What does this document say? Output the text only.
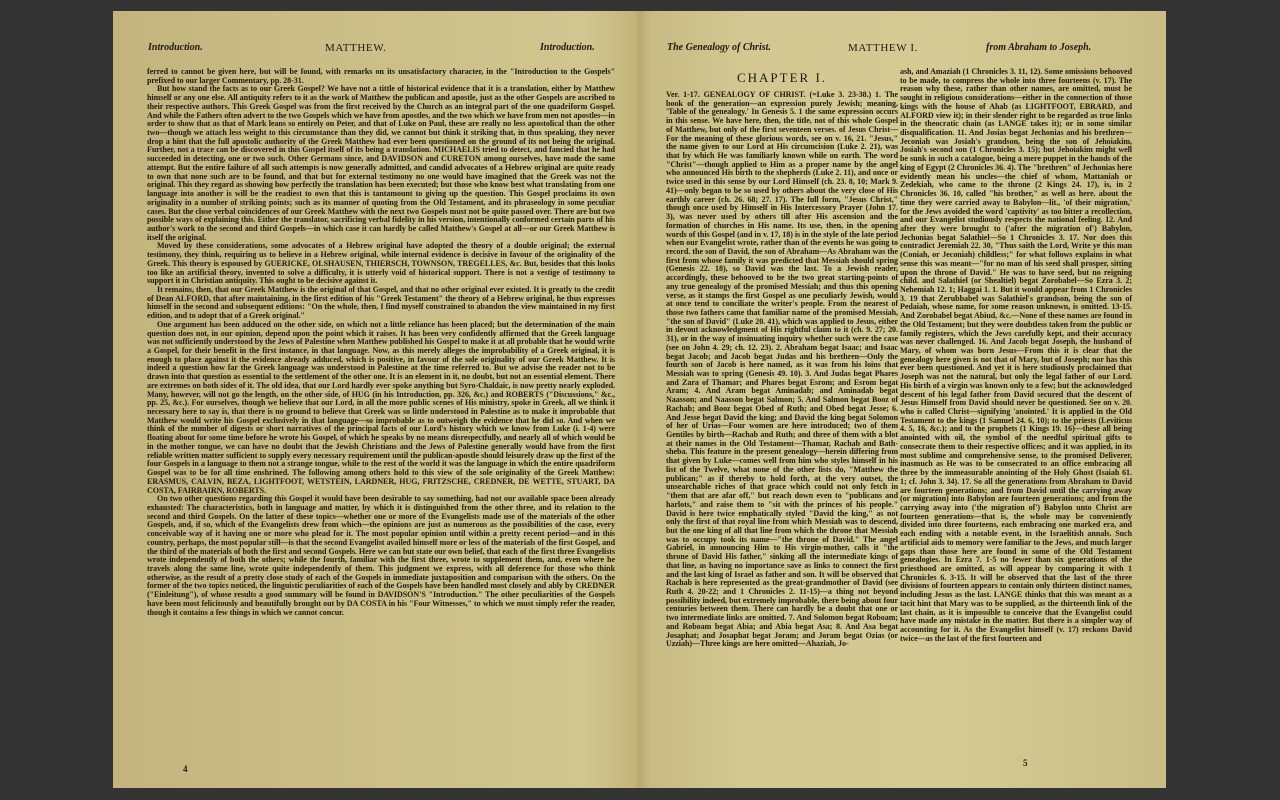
Introduction.	MATTHEW.	Introduction.

ferred to cannot be given here, but will be found, with remarks on its unsatisfactory character, in the "Introduction to the Gospels" prefixed to our larger Commentary, pp. 28-31.

But how stand the facts as to our Greek Gospel? We have not a tittle of historical evidence that it is a translation, either by Matthew himself or any one else. All antiquity refers to it as the work of Matthew the publican and apostle, just as the other Gospels are ascribed to their respective authors. This Greek Gospel was from the first received by the Church as an integral part of the one quadriform Gospel. And while the Fathers often advert to the two Gospels which we have from apostles, and the two which we have from men not apostles—in order to show that as that of Mark leans so entirely on Peter, and that of Luke on Paul, these are really no less apostolical than the other two—though we attach less weight to this circumstance than they did, we cannot but think it striking that, in thus speaking, they never drop a hint that the full apostolic authority of the Greek Matthew had ever been questioned on the ground of its not being the original. Further, not a trace can be discovered in this Gospel itself of its being a translation. MICHAELIS tried to detect, and fancied that he had succeeded in detecting, one or two such. Other Germans since, and DAVIDSON and CURETON among ourselves, have made the same attempt. But the entire failure of all such attempts is now generally admitted, and candid advocates of a Hebrew original are quite ready to own that none such are to be found, and that but for external testimony no one would have imagined that the Greek was not the original. This they regard as showing how perfectly the translation has been executed; but those who know best what translating from one language into another is will be the readiest to own that this is tantamount to giving up the question. This Gospel proclaims its own originality in a number of striking points; such as its manner of quoting from the Old Testament, and its phraseology in some peculiar cases. But the close verbal coincidences of our Greek Matthew with the next two Gospels must not be quite passed over. There are but two possible ways of explaining this. Either the translator, sacrificing verbal fidelity in his version, intentionally conformed certain parts of his author's work to the second and third Gospels—in which case it can hardly be called Matthew's Gospel at all—or our Greek Matthew is itself the original.

Moved by these considerations, some advocates of a Hebrew original have adopted the theory of a double original; the external testimony, they think, requiring us to believe in a Hebrew original, while internal evidence is decisive in favour of the originality of the Greek. This theory is espoused by GUERICKE, OLSHAUSEN, THIERSCH, TOWNSON, TREGELLES, &c. But, besides that this looks too like an artificial theory, invented to solve a difficulty, it is utterly void of historical support. There is not a vestige of testimony to support it in Christian antiquity. This ought to be decisive against it.

It remains, then, that our Greek Matthew is the original of that Gospel, and that no other original ever existed. It is greatly to the credit of Dean ALFORD, that after maintaining, in the first edition of his "Greek Testament" the theory of a Hebrew original, he thus expresses himself in the second and subsequent editions: "On the whole, then, I find myself constrained to abandon the view maintained in my first edition, and to adopt that of a Greek original."

One argument has been adduced on the other side, on which not a little reliance has been placed; but the determination of the main question does not, in our opinion, depend upon the point which it raises. It has been very confidently affirmed that the Greek language was not sufficiently understood by the Jews of Palestine when Matthew published his Gospel to make it at all probable that he would write a Gospel, for their benefit in the first instance, in that language. Now, as this merely alleges the improbability of a Greek original, it is enough to place against it the evidence already adduced, which is positive, in favour of the sole originality of our Greek Matthew. It is indeed a question how far the Greek language was understood in Palestine at the time referred to. But we advise the reader not to be drawn into that question as essential to the settlement of the other one. It is an element in it, no doubt, but not an essential element. There are extremes on both sides of it. The old idea, that our Lord hardly ever spoke anything but Syro-Chaldaic, is now pretty nearly exploded. Many, however, will not go the length, on the other side, of HUG (in his Introduction, pp. 326, &c.) and ROBERTS ("Discussions," &c., pp. 25, &c.). For ourselves, though we believe that our Lord, in all the more public scenes of His ministry, spoke in Greek, all we think it necessary here to say is, that there is no ground to believe that Greek was so little understood in Palestine as to make it improbable that Matthew would write his Gospel exclusively in that language—so improbable as to outweigh the evidence that he did so. And when we think of the number of digests or short narratives of the principal facts of our Lord's history which we know from Luke (i. 1-4) were floating about for some time before he wrote his Gospel, of which he speaks by no means disrespectfully, and nearly all of which would be in the mother tongue, we can have no doubt that the Jewish Christians and the Jews of Palestine generally would have from the first reliable written matter sufficient to supply every necessary requirement until the publican-apostle should leisurely draw up the first of the four Gospels in a language to them not a strange tongue, while to the rest of the world it was the language in which the entire quadriform Gospel was to be for all time enshrined. The following among others hold to this view of the sole originality of the Greek Matthew: ERASMUS, CALVIN, BEZA, LIGHTFOOT, WETSTEIN, LARDNER, HUG, FRITZSCHE, CREDNER, DE WETTE, STUART, DA COSTA, FAIRBAIRN, ROBERTS.

On two other questions regarding this Gospel it would have been desirable to say something, had not our available space been already exhausted: The characteristics, both in language and matter, by which it is distinguished from the other three, and its relation to the second and third Gospels. On the latter of these topics—whether one or more of the Evangelists made use of the materials of the other Gospels, and, if so, which of the Evangelists drew from which—the opinions are just as numerous as the possibilities of the case, every conceivable way of it having one or more who plead for it. The most popular opinion until within a pretty recent period—and in this country, perhaps, the most popular still—is that the second Evangelist availed himself more or less of the materials of the first Gospel, and the third of the materials of both the first and second Gospels. Here we can but state our own belief, that each of the first three Evangelists wrote independently of both the others; while the fourth, familiar with the first three, wrote to supplement them, and, even where he travels along the same line, wrote quite independently of them. This judgment we express, with all deference for those who think otherwise, as the result of a pretty close study of each of the Gospels in immediate juxtaposition and comparison with the others. On the former of the two topics noticed, the linguistic peculiarities of each of the Gospels have been handled most closely and ably by CREDNER ("Einleitung"), of whose results a good summary will be found in DAVIDSON'S "Introduction." The other peculiarities of the Gospels have been most felicitously and beautifully brought out by DA COSTA in his "Four Witnesses," to which we must simply refer the reader, though it contains a few things in which we cannot concur.

4
The Genealogy of Christ.	MATTHEW I.	from Abraham to Joseph.
CHAPTER I.

Ver. 1-17. GENEALOGY OF CHRIST. (=Luke 3. 23-38.) 1. The book of the generation—an expression purely Jewish; meaning, 'Table of the genealogy.' In Genesis 5. 1 the same expression occurs in this sense. We have here, then, the title, not of this whole Gospel of Matthew, but only of the first seventeen verses. of Jesus Christ—For the meaning of these glorious words, see on v. 16, 21. "Jesus," the name given to our Lord at His circumcision (Luke 2. 21), was that by which He was familiarly known while on earth. The word "Christ"—though applied to Him as a proper name by the angel who announced His birth to the shepherds (Luke 2. 11), and once or twice used in this sense by our Lord Himself (ch. 23. 8, 10; Mark 9. 41)—only began to be so used by others about the very close of His earthly career (ch. 26. 68; 27. 17). The full form, "Jesus Christ," though once used by Himself in His Intercessory Prayer (John 17. 3), was never used by others till after His ascension and the formation of churches in His name. Its use, then, in the opening words of this Gospel (and in v. 17, 18) is in the style of the late period when our Evangelist wrote, rather than of the events he was going to record. the son of David, the son of Abraham—As Abraham was the first from whose family it was predicted that Messiah should spring (Genesis 22. 18), so David was the last. To a Jewish reader, accordingly, these behooved to be the two great starting-points of any true genealogy of the promised Messiah; and thus this opening verse, as it stamps the first Gospel as one peculiarly Jewish, would at once tend to conciliate the writer's people. From the nearest of those two fathers came that familiar name of the promised Messiah, "the son of David" (Luke 20. 41), which was applied to Jesus, either in devout acknowledgment of His rightful claim to it (ch. 9. 27; 20. 31), or in the way of insinuating inquiry whether such were the case (see on John 4. 29; ch. 12. 23). 2. Abraham begat Isaac; and Isaac begat Jacob; and Jacob begat Judas and his brethren—Only the fourth son of Jacob is here named, as it was from his loins that Messiah was to spring (Genesis 49. 10). 3. And Judas begat Phares and Zara of Thamar; and Phares begat Esrom; and Esrom begat Aram; 4. And Aram begat Aminadab; and Aminadab begat Naasson; and Naasson begat Salmon; 5. And Salmon begat Booz of Rachab; and Booz begat Obed of Ruth; and Obed begat Jesse; 6. And Jesse begat David the king; and David the king begat Solomon of her of Urias—Four women are here introduced; two of them Gentiles by birth—Rachab and Ruth; and three of them with a blot at their names in the Old Testament—Thamar, Rachab and Bath-sheba. This feature in the present genealogy—herein differing from that given by Luke—comes well from him who styles himself in his list of the Twelve, what none of the other lists do, "Matthew the publican;" as if thereby to hold forth, at the very outset, the unsearchable riches of that grace which could not only fetch in "them that are afar off," but reach down even to "publicans and harlots," and raise them to "sit with the princes of his people." David is here twice emphatically styled "David the king," as not only the first of that royal line from which Messiah was to descend, but the one king of all that line from which the throne that Messiah was to occupy took its name—"the throne of David." The angel Gabriel, in announcing Him to His virgin-mother, calls it "the throne of David His father," sinking all the intermediate kings of that line, as having no importance save as links to connect the first and the last king of Israel as father and son. It will be observed that Rachab is here represented as the great-grandmother of David (see Ruth 4. 20-22; and 1 Chronicles 2. 11-15)—a thing not beyond possibility indeed, but extremely improbable, there being about four centuries between them. There can hardly be a doubt that one or two intermediate links are omitted. 7. And Solomon begat Roboam; and Roboam begat Abia; and Abia begat Asa; 8. And Asa begat Josaphat; and Josaphat begat Joram; and Joram begat Ozias (or Uzziah)—Three kings are here omitted—Ahaziah, Jo-

ash, and Amaziah (1 Chronicles 3. 11, 12). Some omissions behooved to be made, to compress the whole into three fourteens (v. 17). The reason why these, rather than other names, are omitted, must be sought in religious considerations—either in the connection of those kings with the house of Ahab (as LIGHTFOOT, EBRARD, and ALFORD view it); in their slender right to be regarded as true links in the theocratic chain (as LANGE takes it); or in some similar disqualification. 11. And Josias begat Jechonias and his brethren—Jeconiah was Josiah's grandson, being the son of Jehoiakim, Josiah's second son (1 Chronicles 3. 15); but Jehoiakim might well be sunk in such a catalogue, being a mere puppet in the hands of the king of Egypt (2 Chronicles 36. 4). The "brethren" of Jechonias here evidently mean his uncles—the chief of whom, Mattaniah or Zedekiah, who came to the throne (2 Kings 24. 17), is, in 2 Chronicles 36. 10, called "his brother," as well as here. about the time they were carried away to Babylon—lit., 'of their migration,' for the Jews avoided the word 'captivity' as too bitter a recollection, and our Evangelist studiously respects the national feeling. 12. And after they were brought to ('after the migration of') Babylon, Jechonias begat Salathiel—So 1 Chronicles 3. 17. Nor does this contradict Jeremiah 22. 30, "Thus saith the Lord, Write ye this man (Coniah, or Jeconiah) childless;" for what follows explains in what sense this was meant—"for no man of his seed shall prosper, sitting upon the throne of David." He was to have seed, but no reigning child. and Salathiel (or Shealtiel) begat Zorobabel—So Ezra 3. 2; Nehemiah 12. 1; Haggai 1. 1. But it would appear from 1 Chronicles 3. 19 that Zerubbabel was Salathiel's grandson, being the son of Pedaiah, whose name, for some reason unknown, is omitted. 13-15. And Zorobabel begat Abiud, &c.—None of these names are found in the Old Testament; but they were doubtless taken from the public or family registers, which the Jews carefully kept, and their accuracy was never challenged. 16. And Jacob begat Joseph, the husband of Mary, of whom was born Jesus—From this it is clear that the genealogy here given is not that of Mary, but of Joseph; nor has this ever been questioned. And yet it is here studiously proclaimed that Joseph was not the natural, but only the legal father of our Lord. His birth of a virgin was known only to a few; but the acknowledged descent of his legal father from David secured that the descent of Jesus Himself from David should never be questioned. See on v. 20. who is called Christ—signifying 'anointed.' It is applied in the Old Testament to the kings (1 Samuel 24. 6, 10); to the priests (Leviticus 4. 5, 16, &c.); and to the prophets (1 Kings 19. 16)—these all being anointed with oil, the symbol of the needful spiritual gifts to consecrate them to their respective offices; and it was applied, in its most sublime and comprehensive sense, to the promised Deliverer, inasmuch as He was to be consecrated to an office embracing all three by the immeasurable anointing of the Holy Ghost (Isaiah 61. 1; cf. John 3. 34). 17. So all the generations from Abraham to David are fourteen generations; and from David until the carrying away (or migration) into Babylon are fourteen generations; and from the carrying away into ('the migration of') Babylon unto Christ are fourteen generations—that is, the whole may be conveniently divided into three fourteens, each embracing one marked era, and each ending with a notable event, in the Israelitish annals. Such artificial aids to memory were familiar to the Jews, and much larger gaps than those here are found in some of the Old Testament genealogies. In Ezra 7. 1-5 no fewer than six generations of the priesthood are omitted, as will appear by comparing it with 1 Chronicles 6. 3-15. It will be observed that the last of the three divisions of fourteen appears to contain only thirteen distinct names, including Jesus as the last. LANGE thinks that this was meant as a tacit hint that Mary was to be supplied, as the thirteenth link of the last chain, as it is impossible to conceive that the Evangelist could have made any mistake in the matter. But there is a simpler way of accounting for it. As the Evangelist himself (v. 17) reckons David twice—as the last of the first fourteen and

5
